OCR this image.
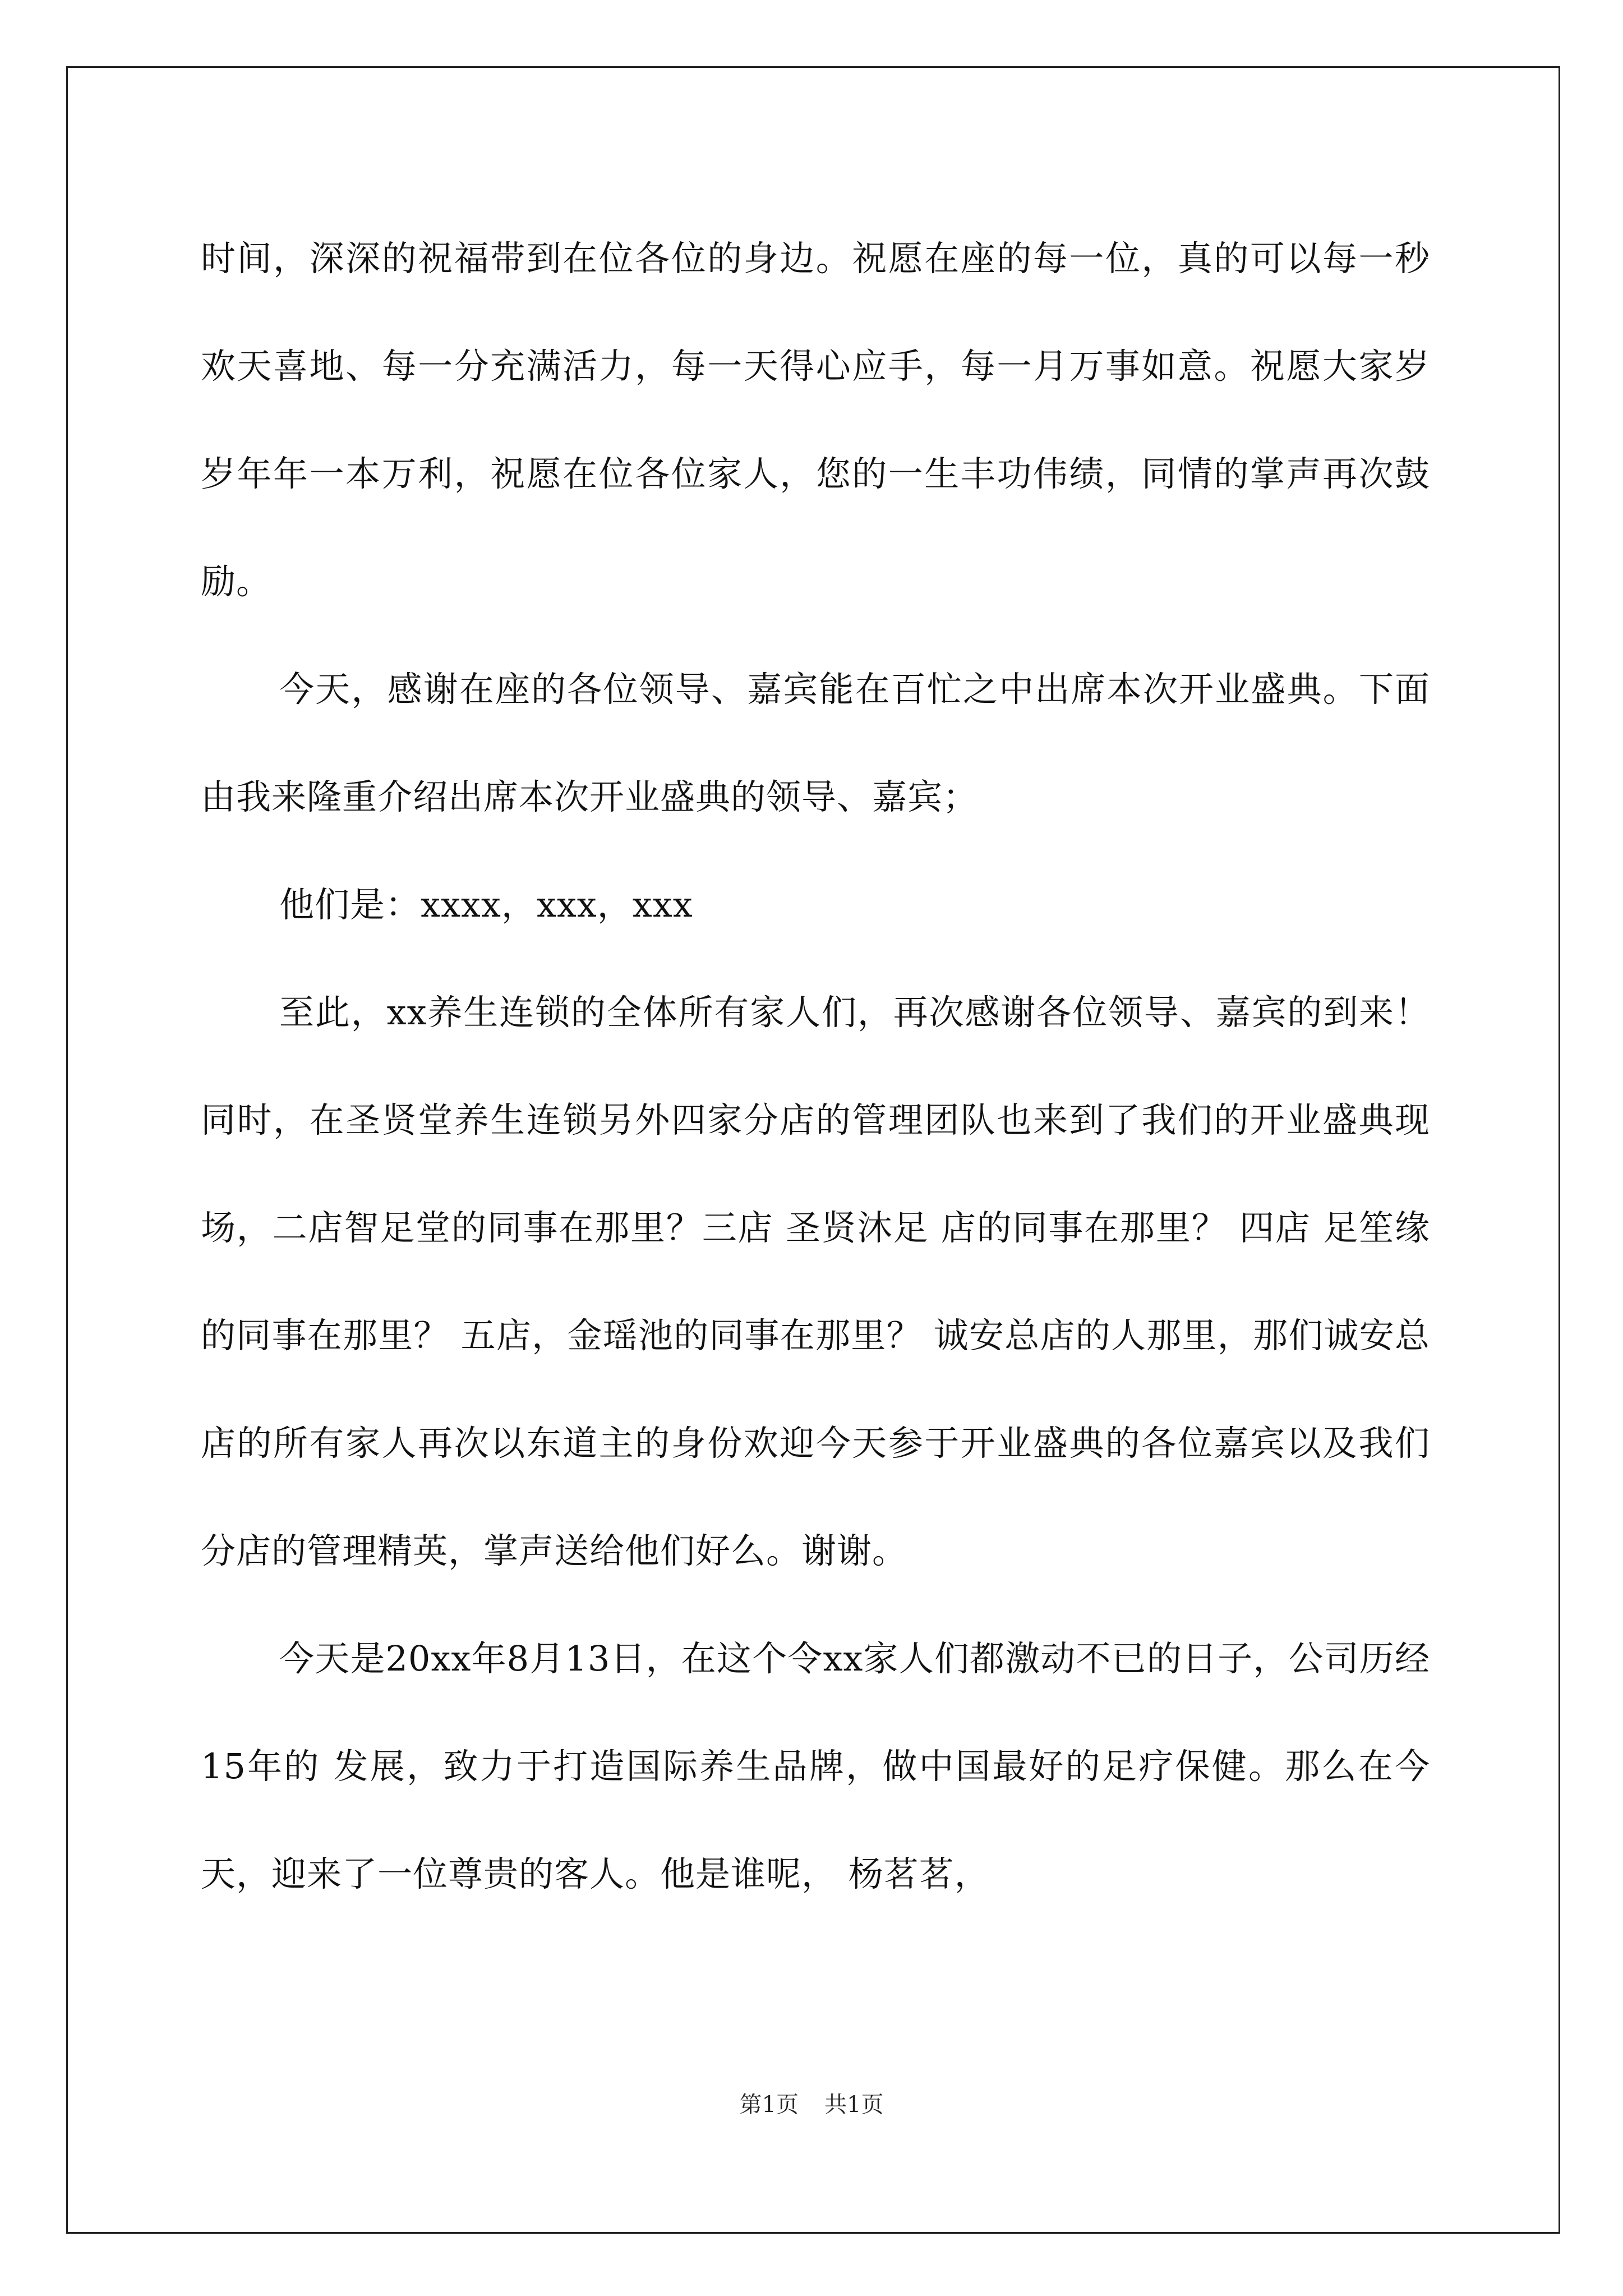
时间，深深的祝福带到在位各位的身边。祝愿在座的每一位，真的可以每一秒欢天喜地、每一分充满活力，每一天得心应手，每一月万事如意。祝愿大家岁岁年年一本万利，祝愿在位各位家人，您的一生丰功伟绩，同情的掌声再次鼓励。

今天，感谢在座的各位领导、嘉宾能在百忙之中出席本次开业盛典。下面由我来隆重介绍出席本次开业盛典的领导、嘉宾；

他们是：xxxx，xxx，xxx

至此，xx养生连锁的全体所有家人们，再次感谢各位领导、嘉宾的到来！ 同时，在圣贤堂养生连锁另外四家分店的管理团队也来到了我们的开业盛典现场，二店智足堂的同事在那里？三店 圣贤沐足 店的同事在那里？ 四店 足笙缘的同事在那里？ 五店，金瑶池的同事在那里？ 诚安总店的人那里，那们诚安总店的所有家人再次以东道主的身份欢迎今天参于开业盛典的各位嘉宾以及我们分店的管理精英，掌声送给他们好么。谢谢。

今天是20xx年8月13日，在这个令xx家人们都激动不已的日子，公司历经15年的 发展，致力于打造国际养生品牌，做中国最好的足疗保健。那么在今天，迎来了一位尊贵的客人。他是谁呢， 杨茗茗，

第1页 共1页
